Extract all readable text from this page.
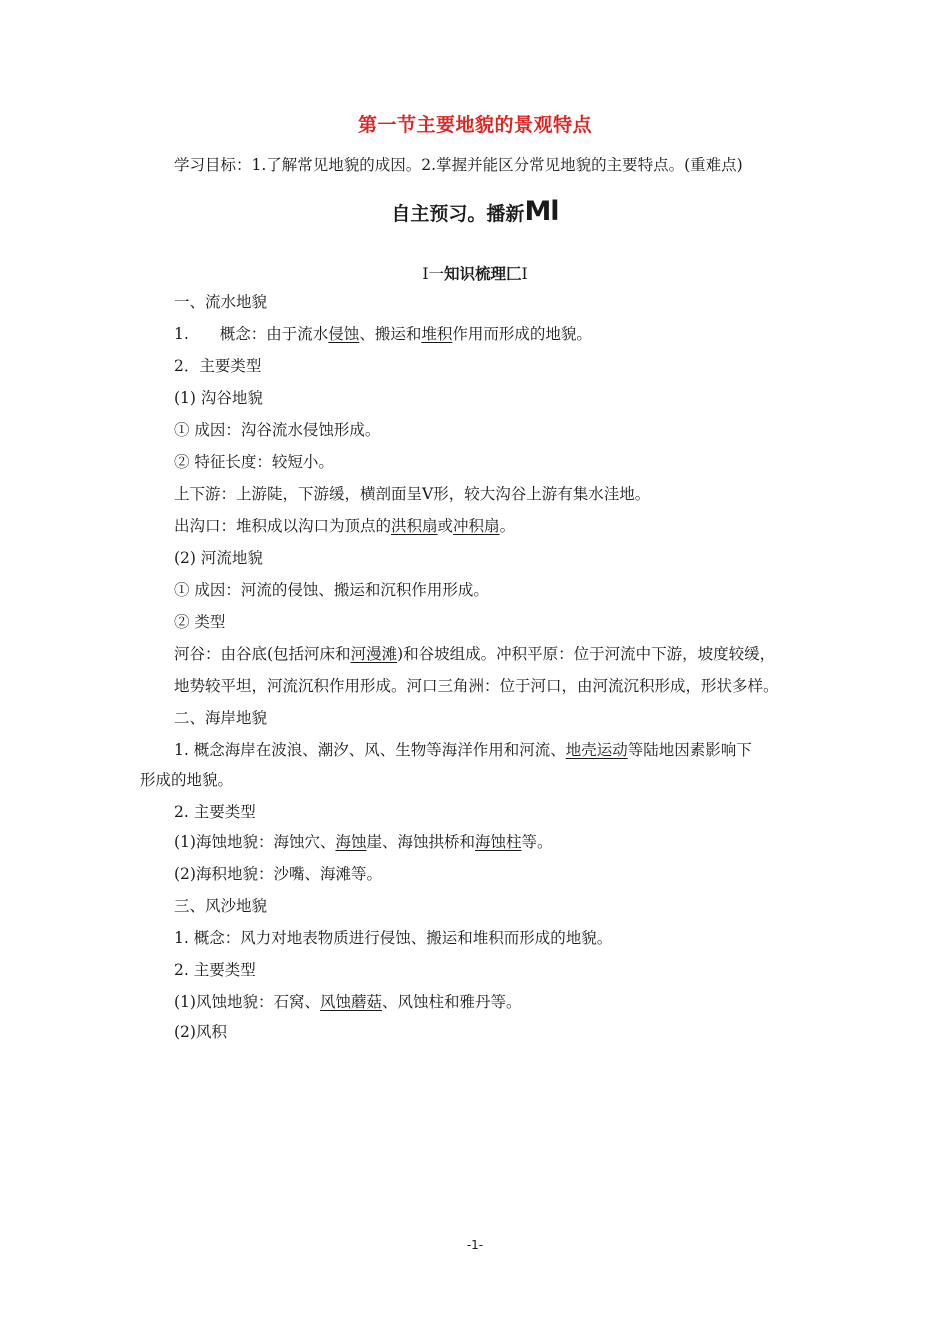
第一节主要地貌的景观特点
学习目标：1.了解常见地貌的成因。2.掌握并能区分常见地貌的主要特点。(重难点)
自主预习。播新Ml
I一知识梳理匚I
一、流水地貌
1.　　概念：由于流水侵蚀、搬运和堆积作用而形成的地貌。
2．主要类型
(1) 沟谷地貌
① 成因：沟谷流水侵蚀形成。
② 特征长度：较短小。
上下游：上游陡，下游缓，横剖面呈V形，较大沟谷上游有集水洼地。
出沟口：堆积成以沟口为顶点的洪积扇或冲积扇。
(2) 河流地貌
① 成因：河流的侵蚀、搬运和沉积作用形成。
② 类型
河谷：由谷底(包括河床和河漫滩)和谷坡组成。冲积平原：位于河流中下游，坡度较缓，
地势较平坦，河流沉积作用形成。河口三角洲：位于河口，由河流沉积形成，形状多样。
二、海岸地貌
1. 概念海岸在波浪、潮汐、风、生物等海洋作用和河流、地壳运动等陆地因素影响下
形成的地貌。
2. 主要类型
(1)海蚀地貌：海蚀穴、海蚀崖、海蚀拱桥和海蚀柱等。
(2)海积地貌：沙嘴、海滩等。
三、风沙地貌
1. 概念：风力对地表物质进行侵蚀、搬运和堆积而形成的地貌。
2. 主要类型
(1)风蚀地貌：石窝、风蚀蘑菇、风蚀柱和雅丹等。
(2)风积
-1-
